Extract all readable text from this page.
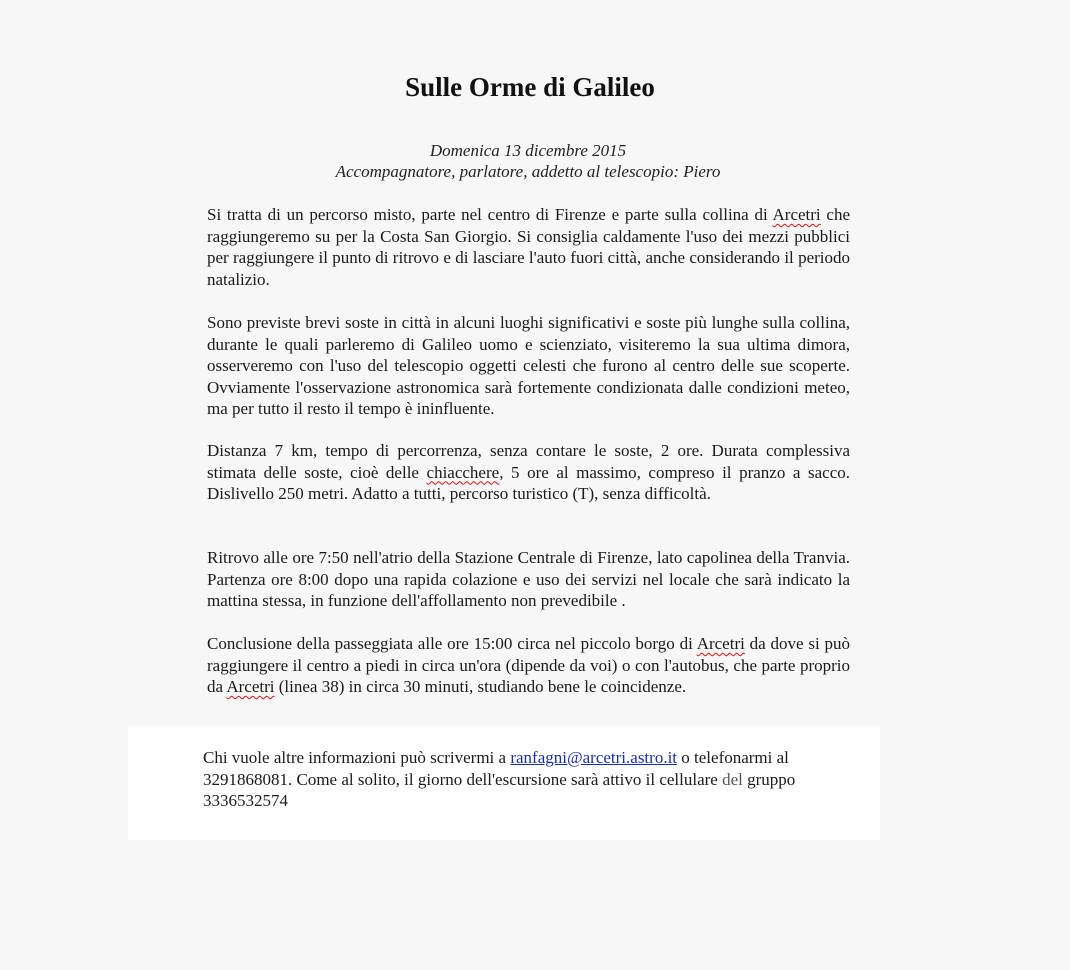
Sulle Orme di Galileo
Domenica 13 dicembre 2015
Accompagnatore, parlatore, addetto al telescopio: Piero
Si tratta di un percorso misto, parte nel centro di Firenze e parte sulla collina di Arcetri che raggiungeremo su per la Costa San Giorgio. Si consiglia caldamente l'uso dei mezzi pubblici per raggiungere il punto di ritrovo e di lasciare l'auto fuori città, anche considerando il periodo natalizio.
Sono previste brevi soste in città in alcuni luoghi significativi e soste più lunghe sulla collina, durante le quali parleremo di Galileo uomo e scienziato, visiteremo la sua ultima dimora, osserveremo con l'uso del telescopio oggetti celesti che furono al centro delle sue scoperte. Ovviamente l'osservazione astronomica sarà fortemente condizionata dalle condizioni meteo, ma per tutto il resto il tempo è ininfluente.
Distanza 7 km, tempo di percorrenza, senza contare le soste, 2 ore. Durata complessiva stimata delle soste, cioè delle chiacchere, 5 ore al massimo, compreso il pranzo a sacco. Dislivello 250 metri. Adatto a tutti, percorso turistico (T), senza difficoltà.
Ritrovo alle ore 7:50 nell'atrio della Stazione Centrale di Firenze, lato capolinea della Tranvia. Partenza ore 8:00 dopo una rapida colazione e uso dei servizi nel locale che sarà indicato la mattina stessa, in funzione dell'affollamento non prevedibile .
Conclusione della passeggiata alle ore 15:00 circa nel piccolo borgo di Arcetri da dove si può raggiungere il centro a piedi in circa un'ora (dipende da voi) o con l'autobus, che parte proprio da Arcetri (linea 38) in circa 30 minuti, studiando bene le coincidenze.
Chi vuole altre informazioni può scrivermi a ranfagni@arcetri.astro.it o telefonarmi al 3291868081. Come al solito, il giorno dell'escursione sarà attivo il cellulare del gruppo 3336532574
